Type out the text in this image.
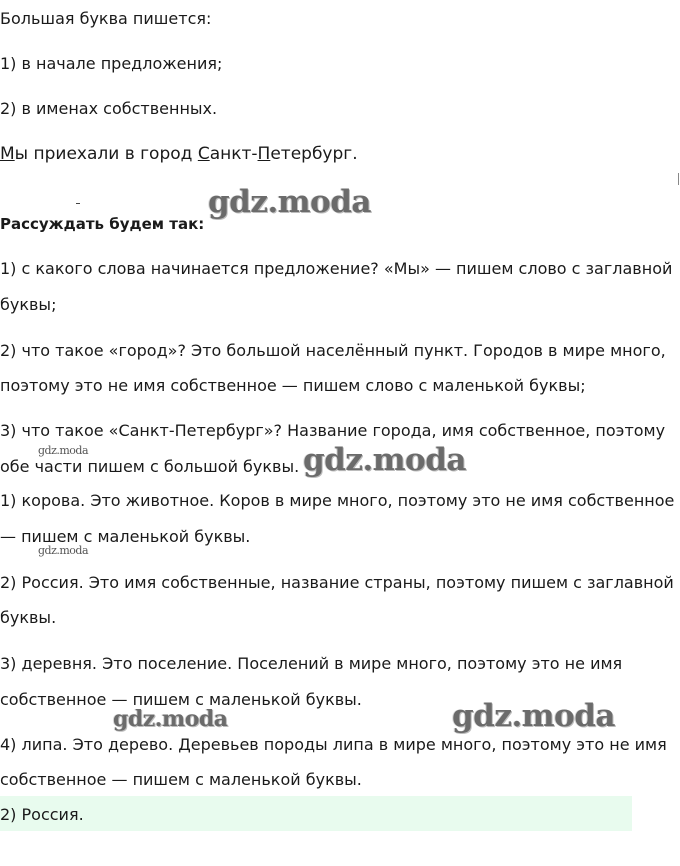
Большая буква пишется:
1) в начале предложения;
2) в именах собственных.
Мы приехали в город Санкт-Петербург.
Рассуждать будем так:
gdz.moda
1) с какого слова начинается предложение? «Мы» — пишем слово с заглавной
буквы;
2) что такое «город»? Это большой населённый пункт. Городов в мире много,
поэтому это не имя собственное — пишем слово с маленькой буквы;
3) что такое «Санкт-Петербург»? Название города, имя собственное, поэтому
обе части пишем с большой буквы.
gdz.moda	gdz.moda
1) корова. Это животное. Коров в мире много, поэтому это не имя собственное
— пишем с маленькой буквы.
gdz.moda
2) Россия. Это имя собственные, название страны, поэтому пишем с заглавной
буквы.
3) деревня. Это поселение. Поселений в мире много, поэтому это не имя
собственное — пишем с маленькой буквы.
gdz.moda	gdz.moda
4) липа. Это дерево. Деревьев породы липа в мире много, поэтому это не имя
собственное — пишем с маленькой буквы.
2) Россия.
